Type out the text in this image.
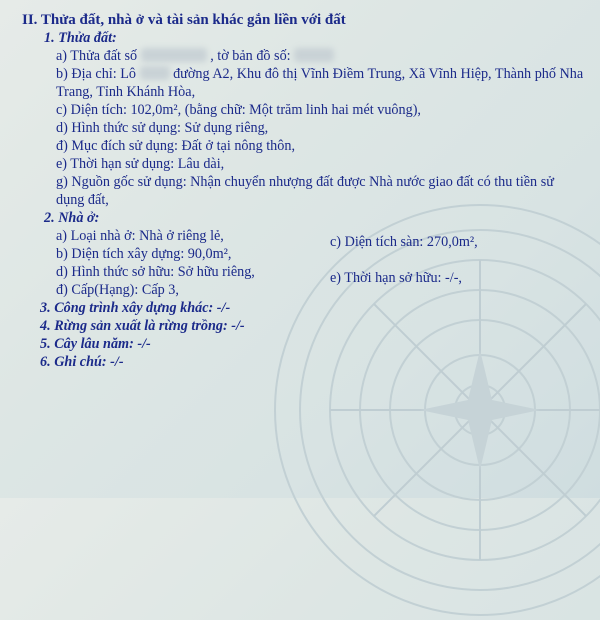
II. Thửa đất, nhà ở và tài sản khác gắn liền với đất
1. Thửa đất:
a) Thửa đất số	, tờ bản đồ số:
b) Địa chỉ: Lô	đường A2, Khu đô thị Vĩnh Điềm Trung, Xã Vĩnh Hiệp, Thành phố Nha
Trang, Tỉnh Khánh Hòa,
c) Diện tích: 102,0m², (bằng chữ: Một trăm linh hai mét vuông),
d) Hình thức sử dụng: Sử dụng riêng,
đ) Mục đích sử dụng: Đất ở tại nông thôn,
e) Thời hạn sử dụng: Lâu dài,
g) Nguồn gốc sử dụng: Nhận chuyển nhượng đất được Nhà nước giao đất có thu tiền sử
dụng đất,
2. Nhà ở:
a) Loại nhà ở: Nhà ở riêng lẻ,
b) Diện tích xây dựng: 90,0m²,
c) Diện tích sàn: 270,0m²,
d) Hình thức sở hữu: Sở hữu riêng,
đ) Cấp(Hạng): Cấp 3,
e) Thời hạn sở hữu: -/-,
3. Công trình xây dựng khác: -/-
4. Rừng sản xuất là rừng trồng: -/-
5. Cây lâu năm: -/-
6. Ghi chú: -/-
